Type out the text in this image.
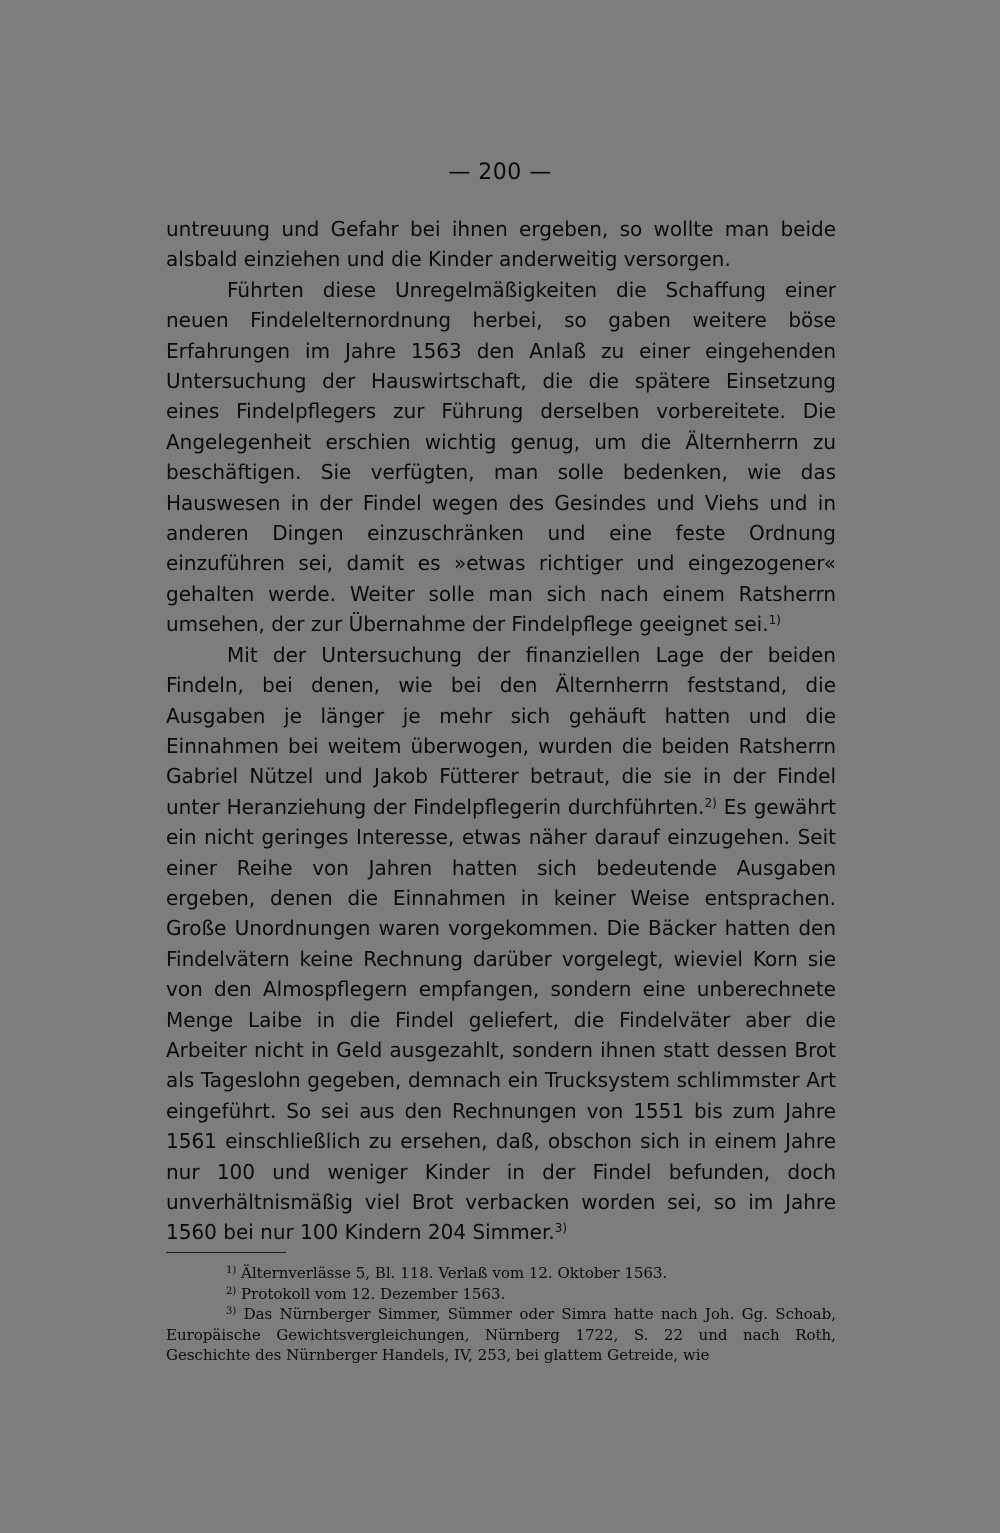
— 200 —

untreuung und Gefahr bei ihnen ergeben, so wollte man beide alsbald einziehen und die Kinder anderweitig versorgen.

Führten diese Unregelmäßigkeiten die Schaffung einer neuen Findelelternordnung herbei, so gaben weitere böse Erfahrungen im Jahre 1563 den Anlaß zu einer eingehenden Untersuchung der Hauswirtschaft, die die spätere Einsetzung eines Findelpflegers zur Führung derselben vorbereitete. Die Angelegenheit erschien wichtig genug, um die Älternherrn zu beschäftigen. Sie verfügten, man solle bedenken, wie das Hauswesen in der Findel wegen des Gesindes und Viehs und in anderen Dingen einzuschränken und eine feste Ordnung einzuführen sei, damit es »etwas richtiger und eingezogener« gehalten werde. Weiter solle man sich nach einem Ratsherrn umsehen, der zur Übernahme der Findelpflege geeignet sei.$^{1)}$

Mit der Untersuchung der finanziellen Lage der beiden Findeln, bei denen, wie bei den Älternherrn feststand, die Ausgaben je länger je mehr sich gehäuft hatten und die Einnahmen bei weitem überwogen, wurden die beiden Ratsherrn Gabriel Nützel und Jakob Fütterer betraut, die sie in der Findel unter Heranziehung der Findelpflegerin durchführten.$^{2)}$ Es gewährt ein nicht geringes Interesse, etwas näher darauf einzugehen. Seit einer Reihe von Jahren hatten sich bedeutende Ausgaben ergeben, denen die Einnahmen in keiner Weise entsprachen. Große Unordnungen waren vorgekommen. Die Bäcker hatten den Findelvätern keine Rechnung darüber vorgelegt, wieviel Korn sie von den Almospflegern empfangen, sondern eine unberechnete Menge Laibe in die Findel geliefert, die Findelväter aber die Arbeiter nicht in Geld ausgezahlt, sondern ihnen statt dessen Brot als Tageslohn gegeben, demnach ein Trucksystem schlimmster Art eingeführt. So sei aus den Rechnungen von 1551 bis zum Jahre 1561 einschließlich zu ersehen, daß, obschon sich in einem Jahre nur 100 und weniger Kinder in der Findel befunden, doch unverhältnismäßig viel Brot verbacken worden sei, so im Jahre 1560 bei nur 100 Kindern 204 Simmer.$^{3)}$

$^{1)}$ Älternverlässe 5, Bl. 118. Verlaß vom 12. Oktober 1563.

$^{2)}$ Protokoll vom 12. Dezember 1563.

$^{3)}$ Das Nürnberger Simmer, Sümmer oder Simra hatte nach Joh. Gg. Schoab, Europäische Gewichtsvergleichungen, Nürnberg 1722, S. 22 und nach Roth, Geschichte des Nürnberger Handels, IV, 253, bei glattem Getreide, wie
